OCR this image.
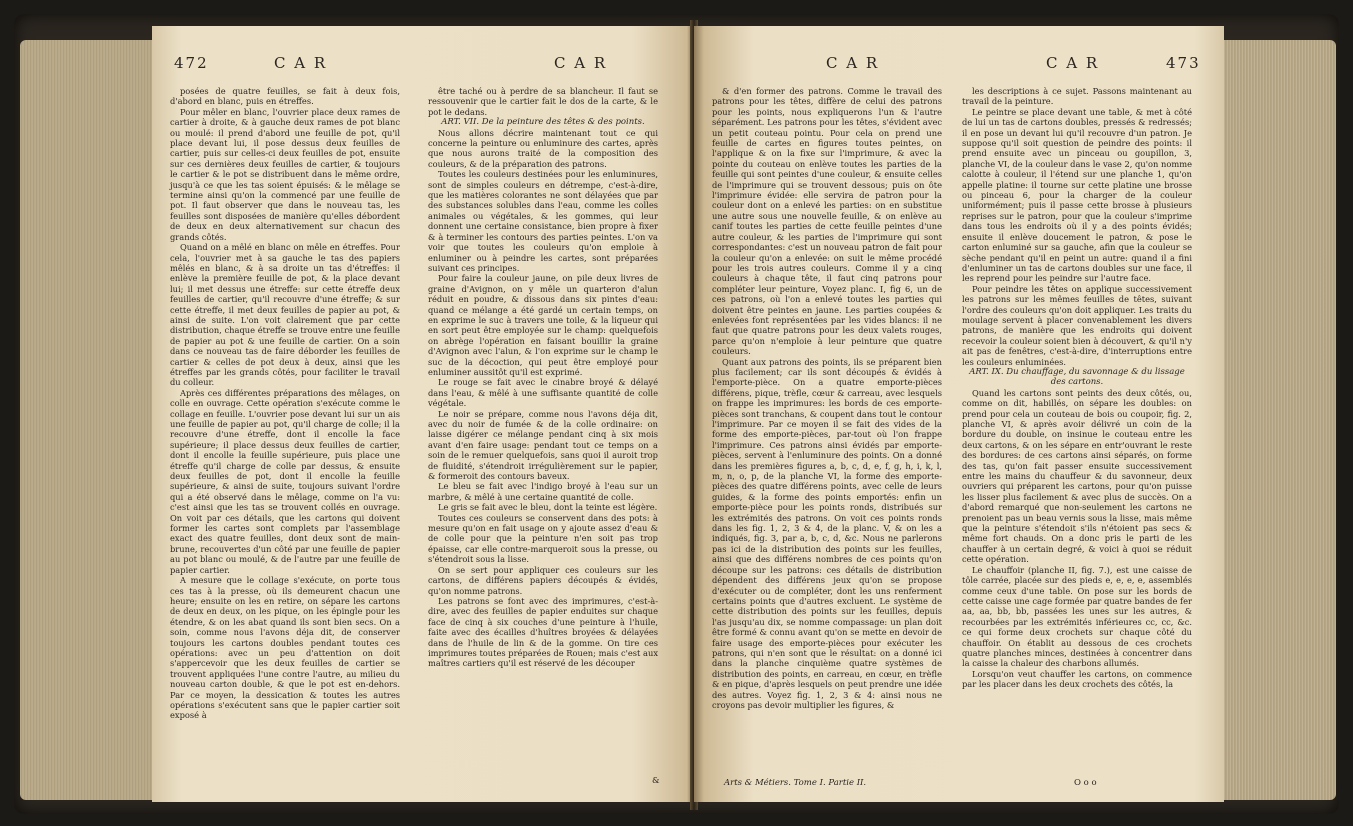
472	C A R	C A R

posées de quatre feuilles, se fait à deux fois, d'abord en blanc, puis en étreffes.

Pour mêler en blanc, l'ouvrier place deux rames de cartier à droite, & à gauche deux rames de pot blanc ou moulé: il prend d'abord une feuille de pot, qu'il place devant lui, il pose dessus deux feuilles de cartier, puis sur celles-ci deux feuilles de pot, ensuite sur ces dernières deux feuilles de cartier, & toujours le cartier & le pot se distribuent dans le même ordre, jusqu'à ce que les tas soient épuisés: & le mêlage se termine ainsi qu'on la commencé par une feuille de pot. Il faut observer que dans le nouveau tas, les feuilles sont disposées de manière qu'elles débordent de deux en deux alternativement sur chacun des grands côtés.

Quand on a mêlé en blanc on mêle en étreffes. Pour cela, l'ouvrier met à sa gauche le tas des papiers mêlés en blanc, & à sa droite un tas d'étreffes: il enlève la première feuille de pot, & la place devant lui; il met dessus une étreffe: sur cette étreffe deux feuilles de cartier, qu'il recouvre d'une étreffe; & sur cette étreffe, il met deux feuilles de papier au pot, & ainsi de suite. L'on voit clairement que par cette distribution, chaque étreffe se trouve entre une feuille de papier au pot & une feuille de cartier. On a soin dans ce nouveau tas de faire déborder les feuilles de cartier & celles de pot deux à deux, ainsi que les étreffes par les grands côtés, pour faciliter le travail du colleur.

Après ces différentes préparations des mêlages, on colle en ouvrage. Cette opération s'exécute comme le collage en feuille. L'ouvrier pose devant lui sur un ais une feuille de papier au pot, qu'il charge de colle; il la recouvre d'une étreffe, dont il encolle la face supérieure; il place dessus deux feuilles de cartier, dont il encolle la feuille supérieure, puis place une étreffe qu'il charge de colle par dessus, & ensuite deux feuilles de pot, dont il encolle la feuille supérieure, & ainsi de suite, toujours suivant l'ordre qui a été observé dans le mêlage, comme on l'a vu: c'est ainsi que les tas se trouvent collés en ouvrage. On voit par ces détails, que les cartons qui doivent former les cartes sont complets par l'assemblage exact des quatre feuilles, dont deux sont de main-brune, recouvertes d'un côté par une feuille de papier au pot blanc ou moulé, & de l'autre par une feuille de papier cartier.

A mesure que le collage s'exécute, on porte tous ces tas à la presse, où ils demeurent chacun une heure; ensuite on les en retire, on sépare les cartons de deux en deux, on les pique, on les épingle pour les étendre, & on les abat quand ils sont bien secs. On a soin, comme nous l'avons déja dit, de conserver toujours les cartons doubles pendant toutes ces opérations: avec un peu d'attention on doit s'appercevoir que les deux feuilles de cartier se trouvent appliquées l'une contre l'autre, au milieu du nouveau carton double, & que le pot est en-dehors. Par ce moyen, la dessication & toutes les autres opérations s'exécutent sans que le papier cartier soit exposé à

être taché ou à perdre de sa blancheur. Il faut se ressouvenir que le cartier fait le dos de la carte, & le pot le dedans.

ART. VII. De la peinture des têtes & des points.

Nous allons décrire maintenant tout ce qui concerne la peinture ou enluminure des cartes, après que nous aurons traité de la composition des couleurs, & de la préparation des patrons.

Toutes les couleurs destinées pour les enluminures, sont de simples couleurs en détrempe, c'est-à-dire, que les matières colorantes ne sont délayées que par des substances solubles dans l'eau, comme les colles animales ou végétales, & les gommes, qui leur donnent une certaine consistance, bien propre à fixer & à terminer les contours des parties peintes. L'on va voir que toutes les couleurs qu'on emploie à enluminer ou à peindre les cartes, sont préparées suivant ces principes.

Pour faire la couleur jaune, on pile deux livres de graine d'Avignon, on y mêle un quarteron d'alun réduit en poudre, & dissous dans six pintes d'eau: quand ce mélange a été gardé un certain temps, on en exprime le suc à travers une toile, & la liqueur qui en sort peut être employée sur le champ: quelquefois on abrège l'opération en faisant bouillir la graine d'Avignon avec l'alun, & l'on exprime sur le champ le suc de la décoction, qui peut être employé pour enluminer aussitôt qu'il est exprimé.

Le rouge se fait avec le cinabre broyé & délayé dans l'eau, & mêlé à une suffisante quantité de colle végétale.

Le noir se prépare, comme nous l'avons déja dit, avec du noir de fumée & de la colle ordinaire: on laisse digérer ce mélange pendant cinq à six mois avant d'en faire usage: pendant tout ce temps on a soin de le remuer quelquefois, sans quoi il auroit trop de fluidité, s'étendroit irrégulièrement sur le papier, & formeroit des contours baveux.

Le bleu se fait avec l'indigo broyé à l'eau sur un marbre, & mêlé à une certaine quantité de colle.

Le gris se fait avec le bleu, dont la teinte est légère.

Toutes ces couleurs se conservent dans des pots: à mesure qu'on en fait usage on y ajoute assez d'eau & de colle pour que la peinture n'en soit pas trop épaisse, car elle contre-marqueroit sous la presse, ou s'étendroit sous la lisse.

On se sert pour appliquer ces couleurs sur les cartons, de différens papiers découpés & évidés, qu'on nomme patrons.

Les patrons se font avec des imprimures, c'est-à-dire, avec des feuilles de papier enduites sur chaque face de cinq à six couches d'une peinture à l'huile, faite avec des écailles d'huîtres broyées & délayées dans de l'huile de lin & de la gomme. On tire ces imprimures toutes préparées de Rouen; mais c'est aux maîtres cartiers qu'il est réservé de les découper

&
C A R	C A R	473

& d'en former des patrons. Comme le travail des patrons pour les têtes, diffère de celui des patrons pour les points, nous expliquerons l'un & l'autre séparément. Les patrons pour les têtes, s'évident avec un petit couteau pointu. Pour cela on prend une feuille de cartes en figures toutes peintes, on l'applique & on la fixe sur l'imprimure, & avec la pointe du couteau on enlève toutes les parties de la feuille qui sont peintes d'une couleur, & ensuite celles de l'imprimure qui se trouvent dessous; puis on ôte l'imprimure évidée: elle servira de patron pour la couleur dont on a enlevé les parties: on en substitue une autre sous une nouvelle feuille, & on enlève au canif toutes les parties de cette feuille peintes d'une autre couleur, & les parties de l'imprimure qui sont correspondantes: c'est un nouveau patron de fait pour la couleur qu'on a enlevée: on suit le même procédé pour les trois autres couleurs. Comme il y a cinq couleurs à chaque tête, il faut cinq patrons pour compléter leur peinture, Voyez planc. I, fig 6, un de ces patrons, où l'on a enlevé toutes les parties qui doivent être peintes en jaune. Les parties coupées & enlevées font représentées par les vides blancs: il ne faut que quatre patrons pour les deux valets rouges, parce qu'on n'emploie à leur peinture que quatre couleurs.

Quant aux patrons des points, ils se préparent bien plus facilement; car ils sont découpés & évidés à l'emporte-pièce. On a quatre emporte-pièces différens, pique, trèfle, cœur & carreau, avec lesquels on frappe les imprimures: les bords de ces emporte-pièces sont tranchans, & coupent dans tout le contour l'imprimure. Par ce moyen il se fait des vides de la forme des emporte-pièces, par-tout où l'on frappe l'imprimure. Ces patrons ainsi évidés par emporte-pièces, servent à l'enluminure des points. On a donné dans les premières figures a, b, c, d, e, f, g, h, i, k, l, m, n, o, p, de la planche VI, la forme des emporte-pièces des quatre différens points, avec celle de leurs guides, & la forme des points emportés: enfin un emporte-pièce pour les points ronds, distribués sur les extrémités des patrons. On voit ces points ronds dans les fig. 1, 2, 3 & 4, de la planc. V, & on les a indiqués, fig. 3, par a, b, c, d, &c. Nous ne parlerons pas ici de la distribution des points sur les feuilles, ainsi que des différens nombres de ces points qu'on découpe sur les patrons: ces détails de distribution dépendent des différens jeux qu'on se propose d'exécuter ou de compléter, dont les uns renferment certains points que d'autres excluent. Le système de cette distribution des points sur les feuilles, depuis l'as jusqu'au dix, se nomme compassage: un plan doit être formé & connu avant qu'on se mette en devoir de faire usage des emporte-pièces pour exécuter les patrons, qui n'en sont que le résultat: on a donné ici dans la planche cinquième quatre systèmes de distribution des points, en carreau, en cœur, en trèfle & en pique, d'après lesquels on peut prendre une idée des autres. Voyez fig. 1, 2, 3 & 4: ainsi nous ne croyons pas devoir multiplier les figures, &

les descriptions à ce sujet. Passons maintenant au travail de la peinture.

Le peintre se place devant une table, & met à côté de lui un tas de cartons doubles, pressés & redressés; il en pose un devant lui qu'il recouvre d'un patron. Je suppose qu'il soit question de peindre des points: il prend ensuite avec un pinceau ou goupillon, 3, planche VI, de la couleur dans le vase 2, qu'on nomme calotte à couleur, il l'étend sur une planche 1, qu'on appelle platine: il tourne sur cette platine une brosse ou pinceau 6, pour la charger de la couleur uniformément; puis il passe cette brosse à plusieurs reprises sur le patron, pour que la couleur s'imprime dans tous les endroits où il y a des points évidés; ensuite il enlève doucement le patron, & pose le carton enluminé sur sa gauche, afin que la couleur se sèche pendant qu'il en peint un autre: quand il a fini d'enluminer un tas de cartons doubles sur une face, il les reprend pour les peindre sur l'autre face.

Pour peindre les têtes on applique successivement les patrons sur les mêmes feuilles de têtes, suivant l'ordre des couleurs qu'on doit appliquer. Les traits du moulage servent à placer convenablement les divers patrons, de manière que les endroits qui doivent recevoir la couleur soient bien à découvert, & qu'il n'y ait pas de fenêtres, c'est-à-dire, d'interruptions entre les couleurs enluminées.

ART. IX. Du chauffage, du savonnage & du lissage des cartons.

Quand les cartons sont peints des deux côtés, ou, comme on dit, habillés, on sépare les doubles: on prend pour cela un couteau de bois ou coupoir, fig. 2, planche VI, & après avoir délivré un coin de la bordure du double, on insinue le couteau entre les deux cartons, & on les sépare en entr'ouvrant le reste des bordures: de ces cartons ainsi séparés, on forme des tas, qu'on fait passer ensuite successivement entre les mains du chauffeur & du savonneur, deux ouvriers qui préparent les cartons, pour qu'on puisse les lisser plus facilement & avec plus de succès. On a d'abord remarqué que non-seulement les cartons ne prenoient pas un beau vernis sous la lisse, mais même que la peinture s'étendoit s'ils n'étoient pas secs & même fort chauds. On a donc pris le parti de les chauffer à un certain degré, & voici à quoi se réduit cette opération.

Le chauffoir (planche II, fig. 7.), est une caisse de tôle carrée, placée sur des pieds e, e, e, e, assemblés comme ceux d'une table. On pose sur les bords de cette caisse une cage formée par quatre bandes de fer aa, aa, bb, bb, passées les unes sur les autres, & recourbées par les extrémités inférieures cc, cc, &c. ce qui forme deux crochets sur chaque côté du chauffoir. On établit au dessous de ces crochets quatre planches minces, destinées à concentrer dans la caisse la chaleur des charbons allumés.

Lorsqu'on veut chauffer les cartons, on commence par les placer dans les deux crochets des côtés, la

Arts & Métiers. Tome I. Partie II.	O o o
